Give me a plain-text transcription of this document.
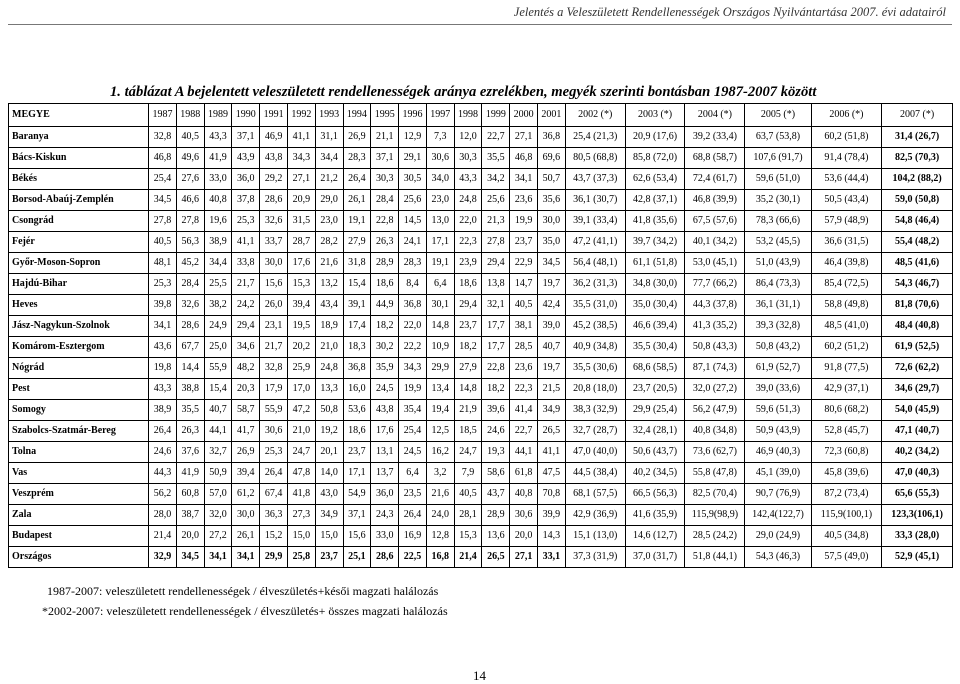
Jelentés a Veleszületett Rendellenességek Országos Nyilvántartása 2007. évi adatairól
1. táblázat A bejelentett veleszületett rendellenességek aránya ezrelékben, megyék szerinti bontásban 1987-2007 között
MEGYE	1987	1988	1989	1990	1991	1992	1993	1994	1995	1996	1997	1998	1999	2000	2001	2002 (*)	2003 (*)	2004 (*)	2005 (*)	2006 (*)	2007 (*)
Baranya	32,8	40,5	43,3	37,1	46,9	41,1	31,1	26,9	21,1	12,9	7,3	12,0	22,7	27,1	36,8	25,4 (21,3)	20,9 (17,6)	39,2 (33,4)	63,7 (53,8)	60,2 (51,8)	31,4 (26,7)
Bács-Kiskun	46,8	49,6	41,9	43,9	43,8	34,3	34,4	28,3	37,1	29,1	30,6	30,3	35,5	46,8	69,6	80,5 (68,8)	85,8 (72,0)	68,8 (58,7)	107,6 (91,7)	91,4 (78,4)	82,5 (70,3)
Békés	25,4	27,6	33,0	36,0	29,2	27,1	21,2	26,4	30,3	30,5	34,0	43,3	34,2	34,1	50,7	43,7 (37,3)	62,6 (53,4)	72,4 (61,7)	59,6 (51,0)	53,6 (44,4)	104,2 (88,2)
Borsod-Abaúj-Zemplén	34,5	46,6	40,8	37,8	28,6	20,9	29,0	26,1	28,4	25,6	23,0	24,8	25,6	23,6	35,6	36,1 (30,7)	42,8 (37,1)	46,8 (39,9)	35,2 (30,1)	50,5 (43,4)	59,0 (50,8)
Csongrád	27,8	27,8	19,6	25,3	32,6	31,5	23,0	19,1	22,8	14,5	13,0	22,0	21,3	19,9	30,0	39,1 (33,4)	41,8 (35,6)	67,5 (57,6)	78,3 (66,6)	57,9 (48,9)	54,8 (46,4)
Fejér	40,5	56,3	38,9	41,1	33,7	28,7	28,2	27,9	26,3	24,1	17,1	22,3	27,8	23,7	35,0	47,2 (41,1)	39,7 (34,2)	40,1 (34,2)	53,2 (45,5)	36,6 (31,5)	55,4 (48,2)
Győr-Moson-Sopron	48,1	45,2	34,4	33,8	30,0	17,6	21,6	31,8	28,9	28,3	19,1	23,9	29,4	22,9	34,5	56,4 (48,1)	61,1 (51,8)	53,0 (45,1)	51,0 (43,9)	46,4 (39,8)	48,5 (41,6)
Hajdú-Bihar	25,3	28,4	25,5	21,7	15,6	15,3	13,2	15,4	18,6	8,4	6,4	18,6	13,8	14,7	19,7	36,2 (31,3)	34,8 (30,0)	77,7 (66,2)	86,4 (73,3)	85,4 (72,5)	54,3 (46,7)
Heves	39,8	32,6	38,2	24,2	26,0	39,4	43,4	39,1	44,9	36,8	30,1	29,4	32,1	40,5	42,4	35,5 (31,0)	35,0 (30,4)	44,3 (37,8)	36,1 (31,1)	58,8 (49,8)	81,8 (70,6)
Jász-Nagykun-Szolnok	34,1	28,6	24,9	29,4	23,1	19,5	18,9	17,4	18,2	22,0	14,8	23,7	17,7	38,1	39,0	45,2 (38,5)	46,6 (39,4)	41,3 (35,2)	39,3 (32,8)	48,5 (41,0)	48,4 (40,8)
Komárom-Esztergom	43,6	67,7	25,0	34,6	21,7	20,2	21,0	18,3	30,2	22,2	10,9	18,2	17,7	28,5	40,7	40,9 (34,8)	35,5 (30,4)	50,8 (43,3)	50,8 (43,2)	60,2 (51,2)	61,9 (52,5)
Nógrád	19,8	14,4	55,9	48,2	32,8	25,9	24,8	36,8	35,9	34,3	29,9	27,9	22,8	23,6	19,7	35,5 (30,6)	68,6 (58,5)	87,1 (74,3)	61,9 (52,7)	91,8 (77,5)	72,6 (62,2)
Pest	43,3	38,8	15,4	20,3	17,9	17,0	13,3	16,0	24,5	19,9	13,4	14,8	18,2	22,3	21,5	20,8 (18,0)	23,7 (20,5)	32,0 (27,2)	39,0 (33,6)	42,9 (37,1)	34,6 (29,7)
Somogy	38,9	35,5	40,7	58,7	55,9	47,2	50,8	53,6	43,8	35,4	19,4	21,9	39,6	41,4	34,9	38,3 (32,9)	29,9 (25,4)	56,2 (47,9)	59,6 (51,3)	80,6 (68,2)	54,0 (45,9)
Szabolcs-Szatmár-Bereg	26,4	26,3	44,1	41,7	30,6	21,0	19,2	18,6	17,6	25,4	12,5	18,5	24,6	22,7	26,5	32,7 (28,7)	32,4 (28,1)	40,8 (34,8)	50,9 (43,9)	52,8 (45,7)	47,1 (40,7)
Tolna	24,6	37,6	32,7	26,9	25,3	24,7	20,1	23,7	13,1	24,5	16,2	24,7	19,3	44,1	41,1	47,0 (40,0)	50,6 (43,7)	73,6 (62,7)	46,9 (40,3)	72,3 (60,8)	40,2 (34,2)
Vas	44,3	41,9	50,9	39,4	26,4	47,8	14,0	17,1	13,7	6,4	3,2	7,9	58,6	61,8	47,5	44,5 (38,4)	40,2 (34,5)	55,8 (47,8)	45,1 (39,0)	45,8 (39,6)	47,0 (40,3)
Veszprém	56,2	60,8	57,0	61,2	67,4	41,8	43,0	54,9	36,0	23,5	21,6	40,5	43,7	40,8	70,8	68,1 (57,5)	66,5 (56,3)	82,5 (70,4)	90,7 (76,9)	87,2 (73,4)	65,6 (55,3)
Zala	28,0	38,7	32,0	30,0	36,3	27,3	34,9	37,1	24,3	26,4	24,0	28,1	28,9	30,6	39,9	42,9 (36,9)	41,6 (35,9)	115,9(98,9)	142,4(122,7)	115,9(100,1)	123,3(106,1)
Budapest	21,4	20,0	27,2	26,1	15,2	15,0	15,0	15,6	33,0	16,9	12,8	15,3	13,6	20,0	14,3	15,1 (13,0)	14,6 (12,7)	28,5 (24,2)	29,0 (24,9)	40,5 (34,8)	33,3 (28,0)
Országos	32,9	34,5	34,1	34,1	29,9	25,8	23,7	25,1	28,6	22,5	16,8	21,4	26,5	27,1	33,1	37,3 (31,9)	37,0 (31,7)	51,8 (44,1)	54,3 (46,3)	57,5 (49,0)	52,9 (45,1)
1987-2007: veleszületett rendellenességek / élveszületés+késői magzati halálozás
*2002-2007: veleszületett rendellenességek / élveszületés+ összes magzati halálozás
14
